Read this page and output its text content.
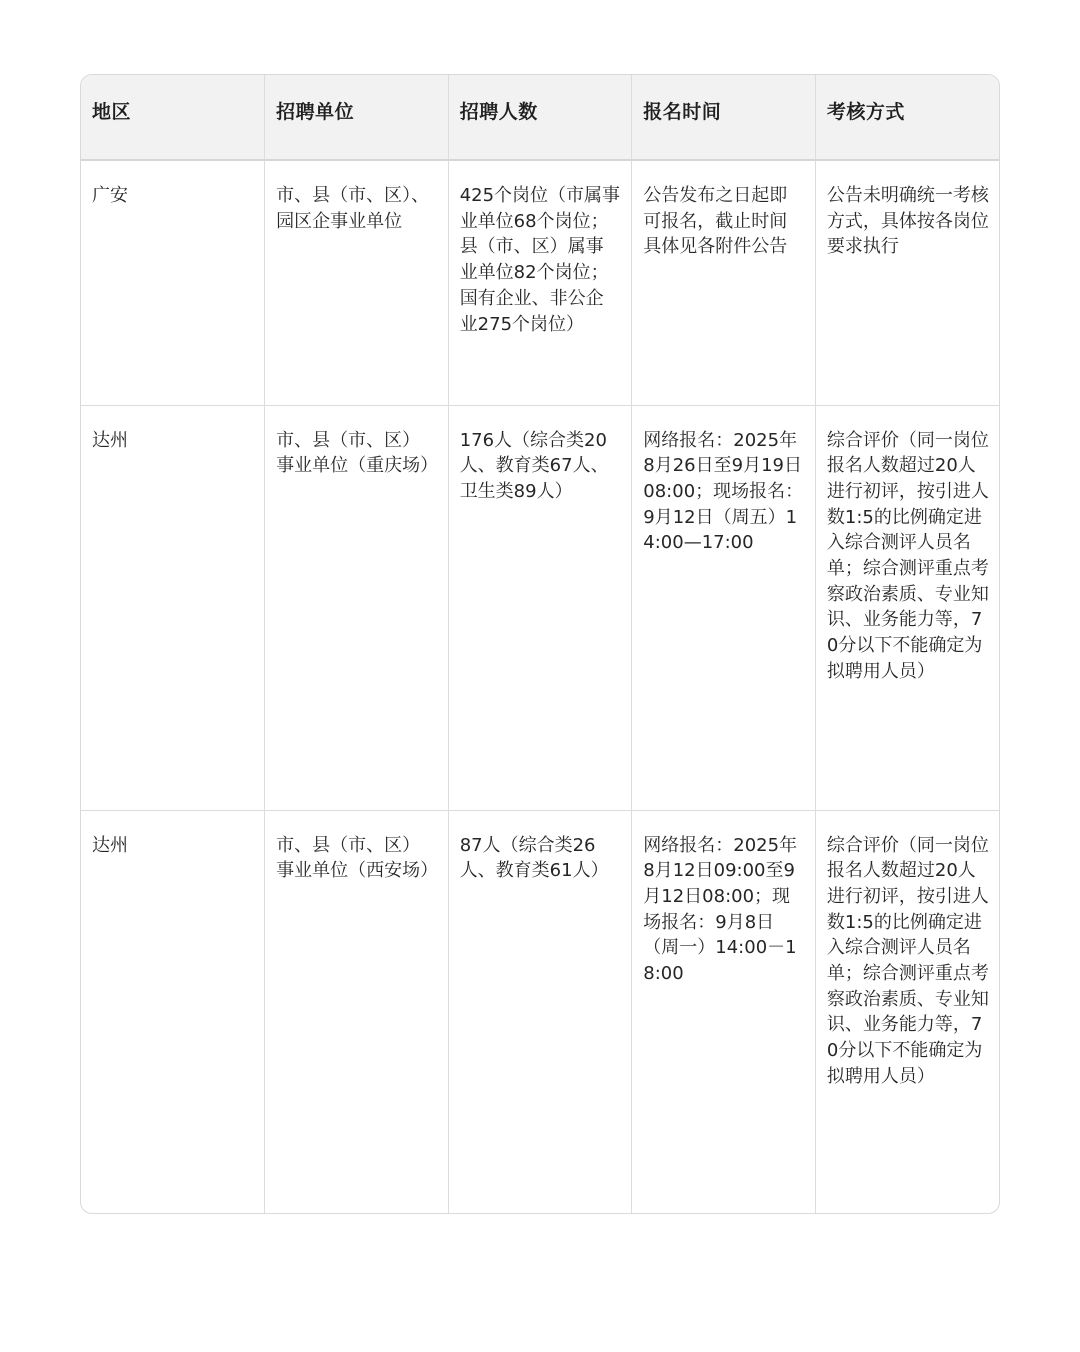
地区	招聘单位	招聘人数	报名时间	考核方式
广安	市、县（市、区）、园区企事业单位	425个岗位（市属事业单位68个岗位；县（市、区）属事业单位82个岗位；国有企业、非公企业275个岗位）	公告发布之日起即可报名，截止时间具体见各附件公告	公告未明确统一考核方式，具体按各岗位要求执行
达州	市、县（市、区）事业单位（重庆场）	176人（综合类20人、教育类67人、卫生类89人）	网络报名：2025年8月26日至9月19日08:00；现场报名：9月12日（周五）14:00—17:00	综合评价（同一岗位报名人数超过20人进行初评，按引进人数1:5的比例确定进入综合测评人员名单；综合测评重点考察政治素质、专业知识、业务能力等，70分以下不能确定为拟聘用人员）
达州	市、县（市、区）事业单位（西安场）	87人（综合类26人、教育类61人）	网络报名：2025年8月12日09:00至9月12日08:00；现场报名：9月8日（周一）14:00－18:00	综合评价（同一岗位报名人数超过20人进行初评，按引进人数1:5的比例确定进入综合测评人员名单；综合测评重点考察政治素质、专业知识、业务能力等，70分以下不能确定为拟聘用人员）
